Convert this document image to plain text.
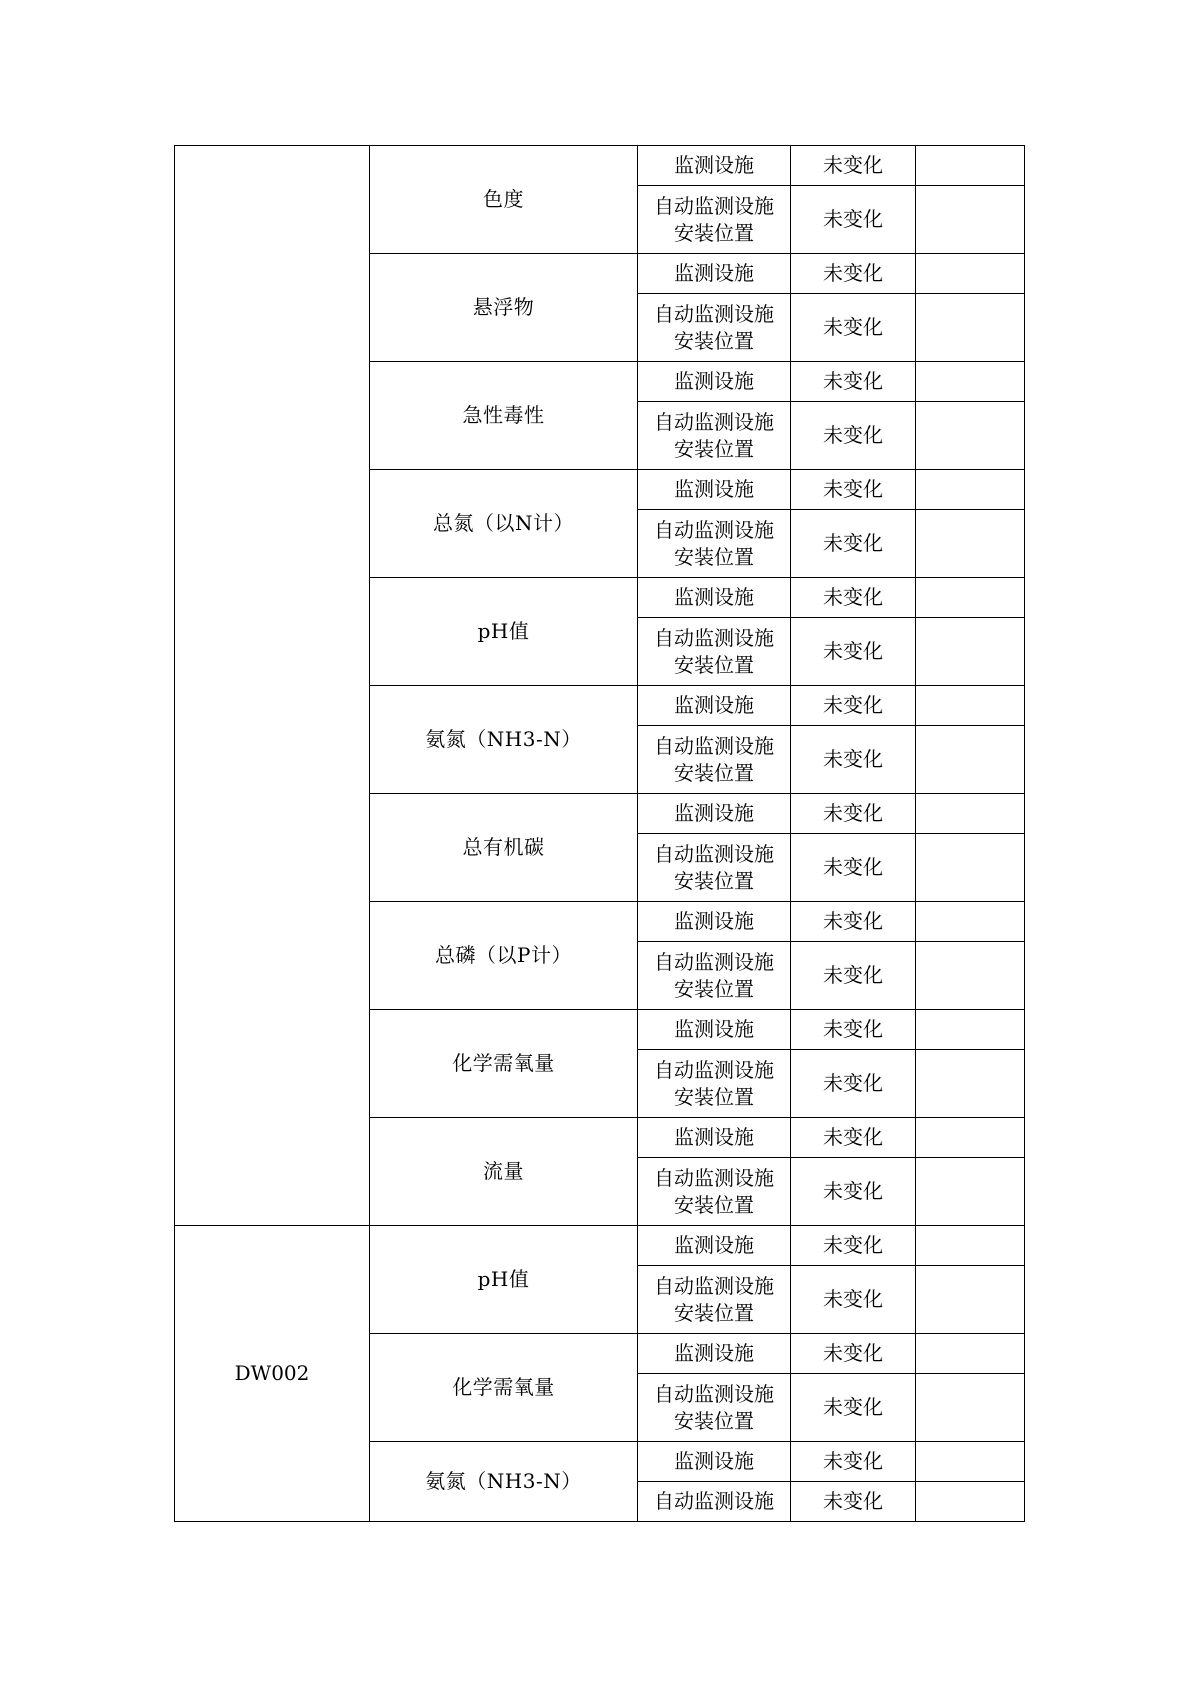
	色度	监测设施	未变化	
		自动监测设施安装位置	未变化	
	悬浮物	监测设施	未变化	
		自动监测设施安装位置	未变化	
	急性毒性	监测设施	未变化	
		自动监测设施安装位置	未变化	
	总氮（以N计）	监测设施	未变化	
		自动监测设施安装位置	未变化	
	pH值	监测设施	未变化	
		自动监测设施安装位置	未变化	
	氨氮（NH3-N）	监测设施	未变化	
		自动监测设施安装位置	未变化	
	总有机碳	监测设施	未变化	
		自动监测设施安装位置	未变化	
	总磷（以P计）	监测设施	未变化	
		自动监测设施安装位置	未变化	
	化学需氧量	监测设施	未变化	
		自动监测设施安装位置	未变化	
	流量	监测设施	未变化	
		自动监测设施安装位置	未变化	
DW002	pH值	监测设施	未变化	
		自动监测设施安装位置	未变化	
	化学需氧量	监测设施	未变化	
		自动监测设施安装位置	未变化	
	氨氮（NH3-N）	监测设施	未变化	
		自动监测设施	未变化	
